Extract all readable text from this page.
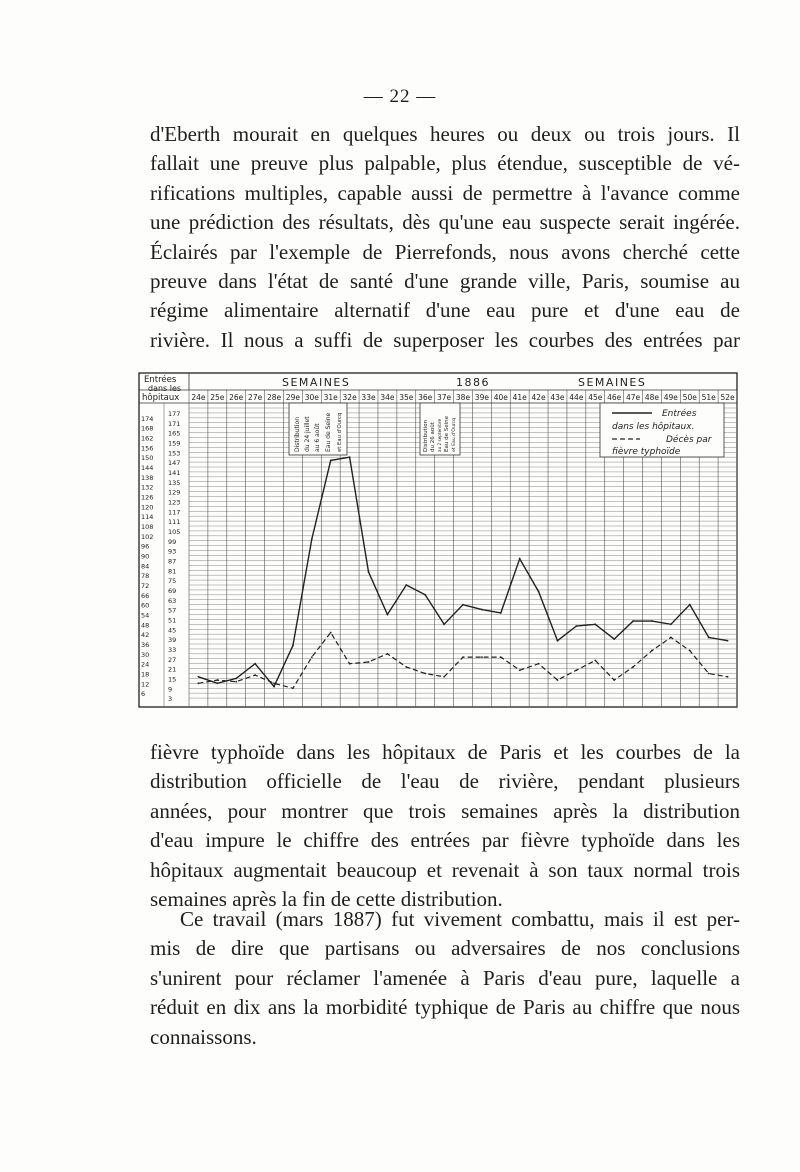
— 22 —

d'Eberth mourait en quelques heures ou deux ou trois jours. Il
fallait une preuve plus palpable, plus étendue, susceptible de vé-
rifications multiples, capable aussi de permettre à l'avance comme
une prédiction des résultats, dès qu'une eau suspecte serait ingérée.
Éclairés par l'exemple de Pierrefonds, nous avons cherché cette
preuve dans l'état de santé d'une grande ville, Paris, soumise au
régime alimentaire alternatif d'une eau pure et d'une eau de
rivière. Il nous a suffi de superposer les courbes des entrées par

Entrées
dans les
hôpitaux
SEMAINES	1886	SEMAINES
24e 25e 26e 27e 28e 29e 30e 31e 32e 33e 34e 35e 36e 37e 38e 39e 40e 41e 42e 43e 44e 45e 46e 47e 48e 49e 50e 51e 52e
174
168
162
156
150
144
138
132
126
120
114
108
102
96
90
84
78
72
66
60
54
48
42
36
30
24
18
12
6
177
171
165
159
153
147
141
135
129
123
117
111
105
99
93
87
81
75
69
63
57
51
45
39
33
27
21
15
9
3
Distribution du 24 juillet au 6 août Eau de Seine et Eau d'Ourcq	Distribution du 26 août au 2 septembre Eau de Seine et Eau d'Ourcq
Entrées
dans les hôpitaux.
Décès par
fièvre typhoïde

fièvre typhoïde dans les hôpitaux de Paris et les courbes de la
distribution officielle de l'eau de rivière, pendant plusieurs
années, pour montrer que trois semaines après la distribution
d'eau impure le chiffre des entrées par fièvre typhoïde dans les
hôpitaux augmentait beaucoup et revenait à son taux normal trois
semaines après la fin de cette distribution.

Ce travail (mars 1887) fut vivement combattu, mais il est per-
mis de dire que partisans ou adversaires de nos conclusions
s'unirent pour réclamer l'amenée à Paris d'eau pure, laquelle a
réduit en dix ans la morbidité typhique de Paris au chiffre que nous
connaissons.
